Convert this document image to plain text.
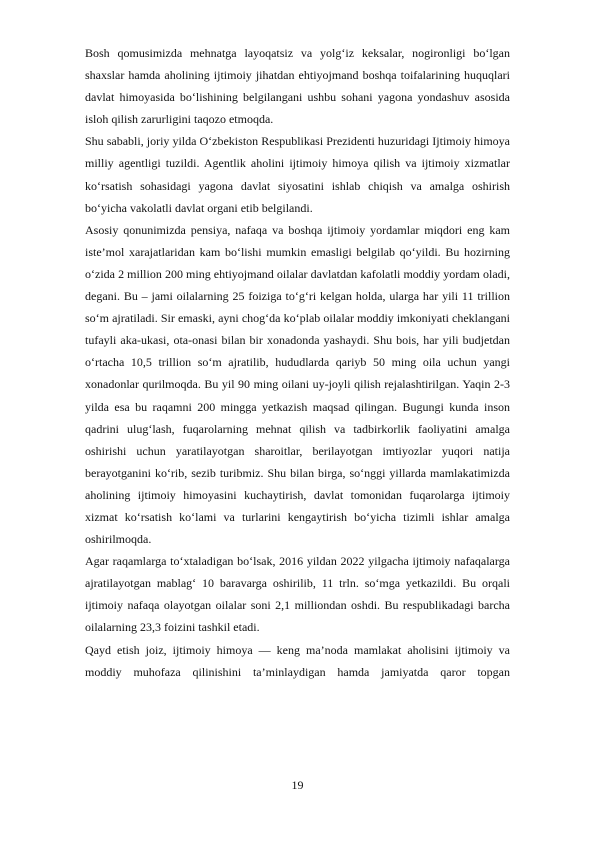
Bosh qomusimizda mehnatga layoqatsiz va yolg‘iz keksalar, nogironligi bo‘lgan shaxslar hamda aholining ijtimoiy jihatdan ehtiyojmand boshqa toifalarining huquqlari davlat himoyasida bo‘lishining belgilangani ushbu sohani yagona yondashuv asosida isloh qilish zarurligini taqozo etmoqda.

Shu sababli, joriy yilda O‘zbekiston Respublikasi Prezidenti huzuridagi Ijtimoiy himoya milliy agentligi tuzildi. Agentlik aholini ijtimoiy himoya qilish va ijtimoiy xizmatlar ko‘rsatish sohasidagi yagona davlat siyosatini ishlab chiqish va amalga oshirish bo‘yicha vakolatli davlat organi etib belgilandi.

Asosiy qonunimizda pensiya, nafaqa va boshqa ijtimoiy yordamlar miqdori eng kam iste’mol xarajatlaridan kam bo‘lishi mumkin emasligi belgilab qo‘yildi. Bu hozirning o‘zida 2 million 200 ming ehtiyojmand oilalar davlatdan kafolatli moddiy yordam oladi, degani. Bu – jami oilalarning 25 foiziga to‘g‘ri kelgan holda, ularga har yili 11 trillion so‘m ajratiladi. Sir emaski, ayni chog‘da ko‘plab oilalar moddiy imkoniyati cheklangani tufayli aka-ukasi, ota-onasi bilan bir xonadonda yashaydi. Shu bois, har yili budjetdan o‘rtacha 10,5 trillion so‘m ajratilib, hududlarda qariyb 50 ming oila uchun yangi xonadonlar qurilmoqda. Bu yil 90 ming oilani uy-joyli qilish rejalashtirilgan. Yaqin 2-3 yilda esa bu raqamni 200 mingga yetkazish maqsad qilingan. Bugungi kunda inson qadrini ulug‘lash, fuqarolarning mehnat qilish va tadbirkorlik faoliyatini amalga oshirishi uchun yaratilayotgan sharoitlar, berilayotgan imtiyozlar yuqori natija berayotganini ko‘rib, sezib turibmiz. Shu bilan birga, so‘nggi yillarda mamlakatimizda aholining ijtimoiy himoyasini kuchaytirish, davlat tomonidan fuqarolarga ijtimoiy xizmat ko‘rsatish ko‘lami va turlarini kengaytirish bo‘yicha tizimli ishlar amalga oshirilmoqda.

Agar raqamlarga to‘xtaladigan bo‘lsak, 2016 yildan 2022 yilgacha ijtimoiy nafaqalarga ajratilayotgan mablag‘ 10 baravarga oshirilib, 11 trln. so‘mga yetkazildi. Bu orqali ijtimoiy nafaqa olayotgan oilalar soni 2,1 milliondan oshdi. Bu respublikadagi barcha oilalarning 23,3 foizini tashkil etadi.

Qayd etish joiz, ijtimoiy himoya — keng ma’noda mamlakat aholisini ijtimoiy va moddiy muhofaza qilinishini ta’minlaydigan hamda jamiyatda qaror topgan

19
